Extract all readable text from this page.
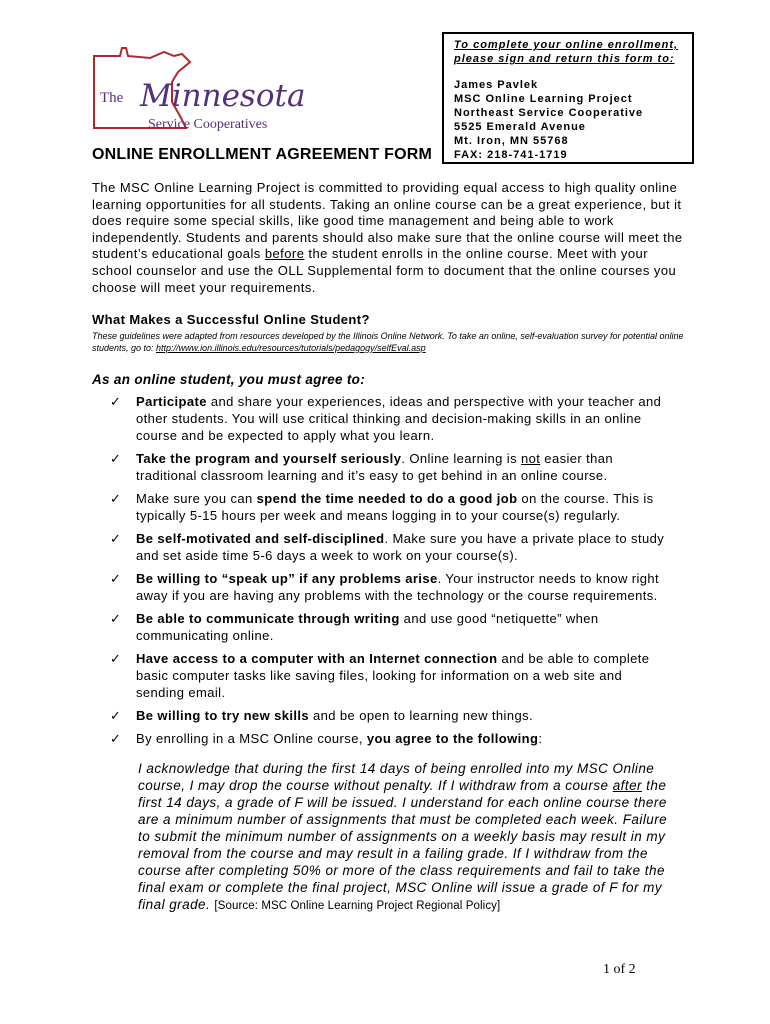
The Minnesota
Service Cooperatives
To complete your online enrollment,
please sign and return this form to:
James Pavlek
MSC Online Learning Project
Northeast Service Cooperative
5525 Emerald Avenue
Mt. Iron, MN 55768
FAX: 218-741-1719
ONLINE ENROLLMENT AGREEMENT FORM
The MSC Online Learning Project is committed to providing equal access to high quality online learning opportunities for all students. Taking an online course can be a great experience, but it does require some special skills, like good time management and being able to work independently. Students and parents should also make sure that the online course will meet the student’s educational goals before the student enrolls in the online course. Meet with your school counselor and use the OLL Supplemental form to document that the online courses you choose will meet your requirements.
What Makes a Successful Online Student?
These guidelines were adapted from resources developed by the Illinois Online Network. To take an online, self-evaluation survey for potential online students, go to: http://www.ion.illinois.edu/resources/tutorials/pedagogy/selfEval.asp
As an online student, you must agree to:
✓ Participate and share your experiences, ideas and perspective with your teacher and other students. You will use critical thinking and decision-making skills in an online course and be expected to apply what you learn.
✓ Take the program and yourself seriously. Online learning is not easier than traditional classroom learning and it’s easy to get behind in an online course.
✓ Make sure you can spend the time needed to do a good job on the course. This is typically 5-15 hours per week and means logging in to your course(s) regularly.
✓ Be self-motivated and self-disciplined. Make sure you have a private place to study and set aside time 5-6 days a week to work on your course(s).
✓ Be willing to “speak up” if any problems arise. Your instructor needs to know right away if you are having any problems with the technology or the course requirements.
✓ Be able to communicate through writing and use good “netiquette” when communicating online.
✓ Have access to a computer with an Internet connection and be able to complete basic computer tasks like saving files, looking for information on a web site and sending email.
✓ Be willing to try new skills and be open to learning new things.
✓ By enrolling in a MSC Online course, you agree to the following:
I acknowledge that during the first 14 days of being enrolled into my MSC Online course, I may drop the course without penalty. If I withdraw from a course after the first 14 days, a grade of F will be issued. I understand for each online course there are a minimum number of assignments that must be completed each week. Failure to submit the minimum number of assignments on a weekly basis may result in my removal from the course and may result in a failing grade. If I withdraw from the course after completing 50% or more of the class requirements and fail to take the final exam or complete the final project, MSC Online will issue a grade of F for my final grade. [Source: MSC Online Learning Project Regional Policy]
1 of 2
